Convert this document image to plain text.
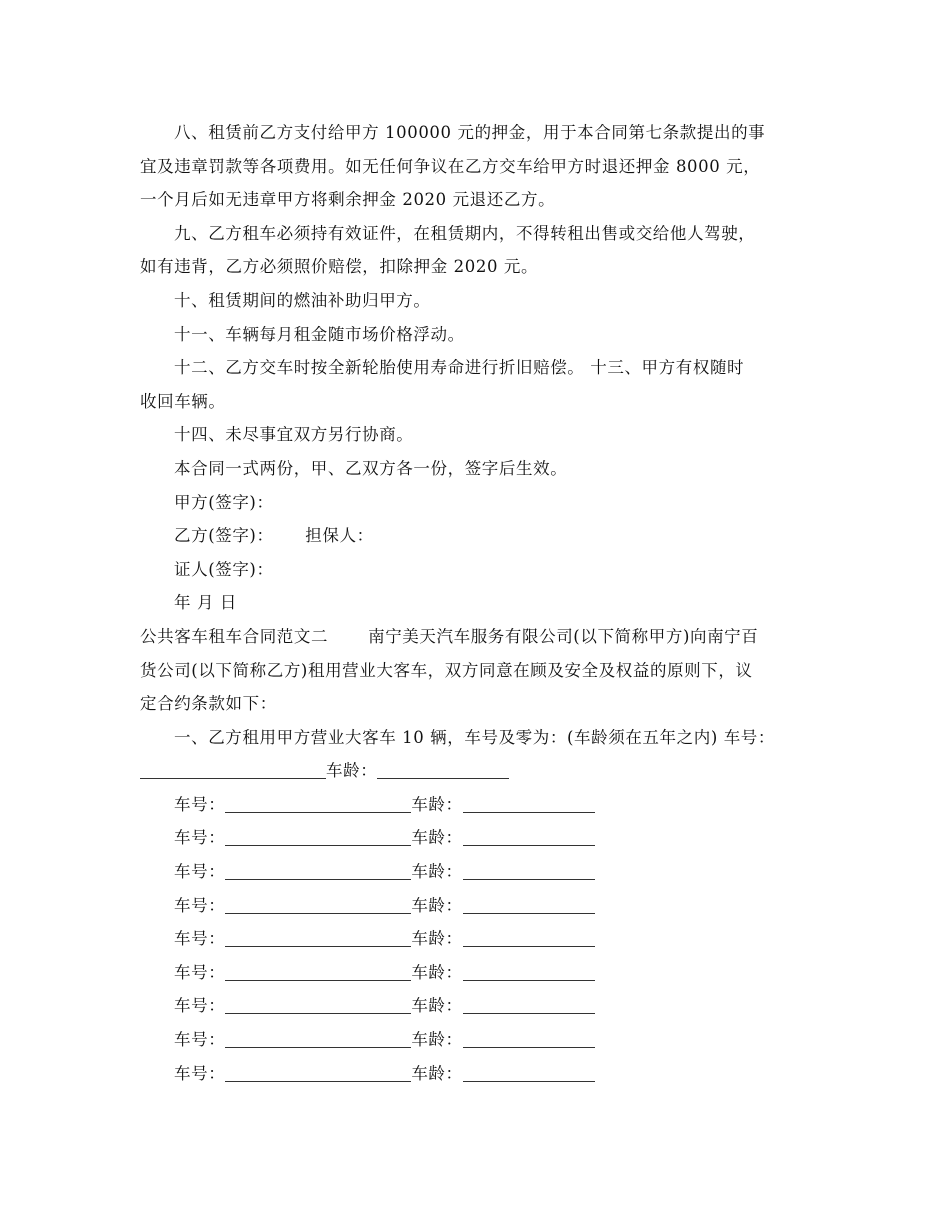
八、租赁前乙方支付给甲方 100000 元的押金，用于本合同第七条款提出的事
宜及违章罚款等各项费用。如无任何争议在乙方交车给甲方时退还押金 8000 元，
一个月后如无违章甲方将剩余押金 2020 元退还乙方。
九、乙方租车必须持有效证件，在租赁期内，不得转租出售或交给他人驾驶，
如有违背，乙方必须照价赔偿，扣除押金 2020 元。
十、租赁期间的燃油补助归甲方。
十一、车辆每月租金随市场价格浮动。
十二、乙方交车时按全新轮胎使用寿命进行折旧赔偿。 十三、甲方有权随时
收回车辆。
十四、未尽事宜双方另行协商。
本合同一式两份，甲、乙双方各一份，签字后生效。
甲方(签字)：
乙方(签字)： 担保人：
证人(签字)：
年 月 日
公共客车租车合同范文二 南宁美天汽车服务有限公司(以下简称甲方)向南宁百
货公司(以下简称乙方)租用营业大客车，双方同意在顾及安全及权益的原则下，议
定合约条款如下：
一、乙方租用甲方营业大客车 10 辆，车号及零为：(车龄须在五年之内) 车号：
车龄：
车号：	车龄：
车号：	车龄：
车号：	车龄：
车号：	车龄：
车号：	车龄：
车号：	车龄：
车号：	车龄：
车号：	车龄：
车号：	车龄：
